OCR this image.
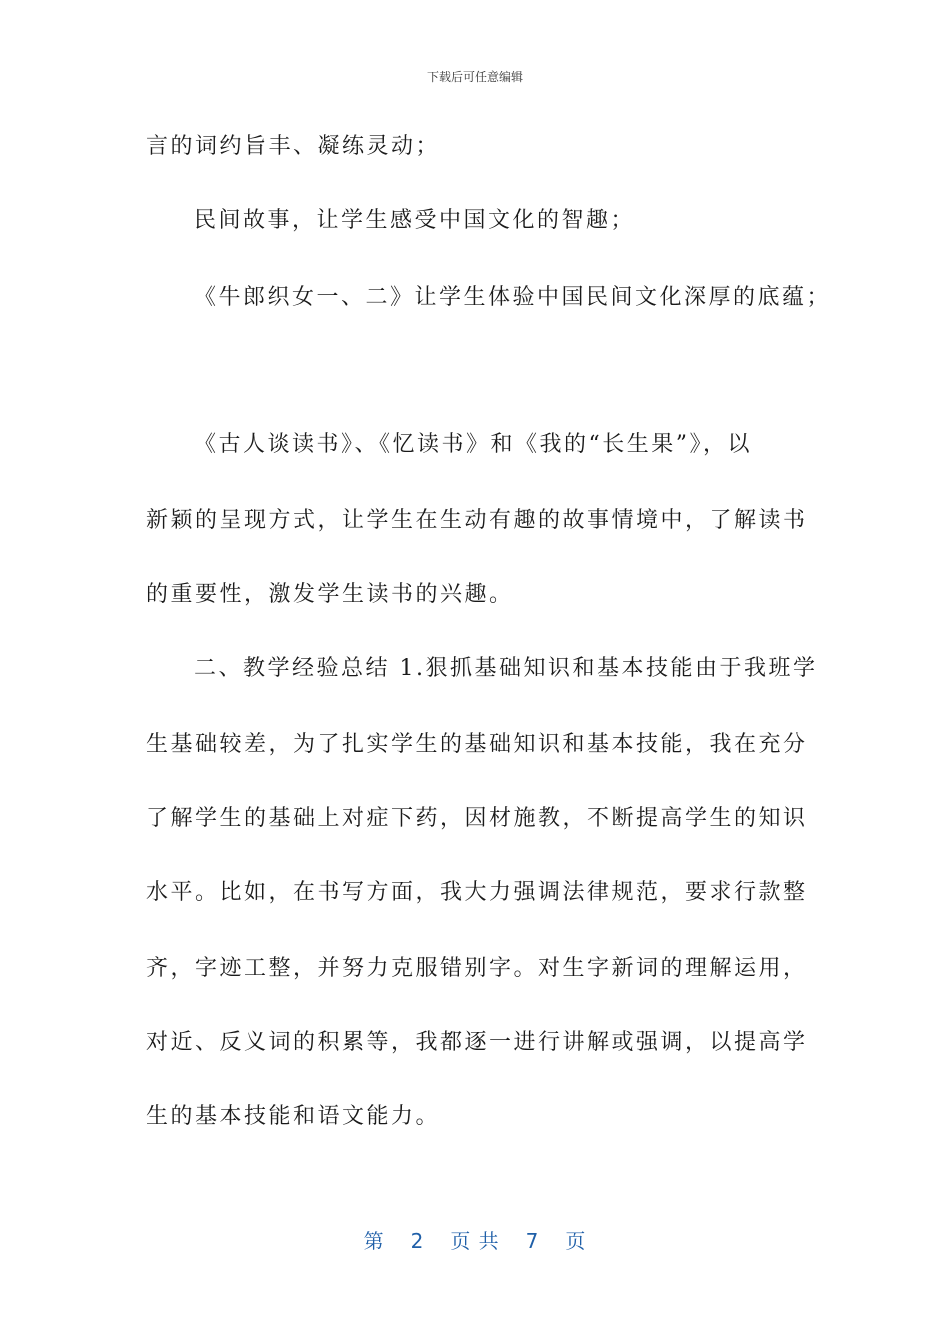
下载后可任意编辑
言的词约旨丰、凝练灵动；
民间故事，让学生感受中国文化的智趣；
《牛郎织女一、二》让学生体验中国民间文化深厚的底蕴；
《古人谈读书》、《忆读书》和《我的“长生果”》，以
新颖的呈现方式，让学生在生动有趣的故事情境中，了解读书
的重要性，激发学生读书的兴趣。
二、教学经验总结 1.狠抓基础知识和基本技能由于我班学
生基础较差，为了扎实学生的基础知识和基本技能，我在充分
了解学生的基础上对症下药，因材施教，不断提高学生的知识
水平。比如，在书写方面，我大力强调法律规范，要求行款整
齐，字迹工整，并努力克服错别字。对生字新词的理解运用，
对近、反义词的积累等，我都逐一进行讲解或强调，以提高学
生的基本技能和语文能力。
第 2 页 共 7 页
